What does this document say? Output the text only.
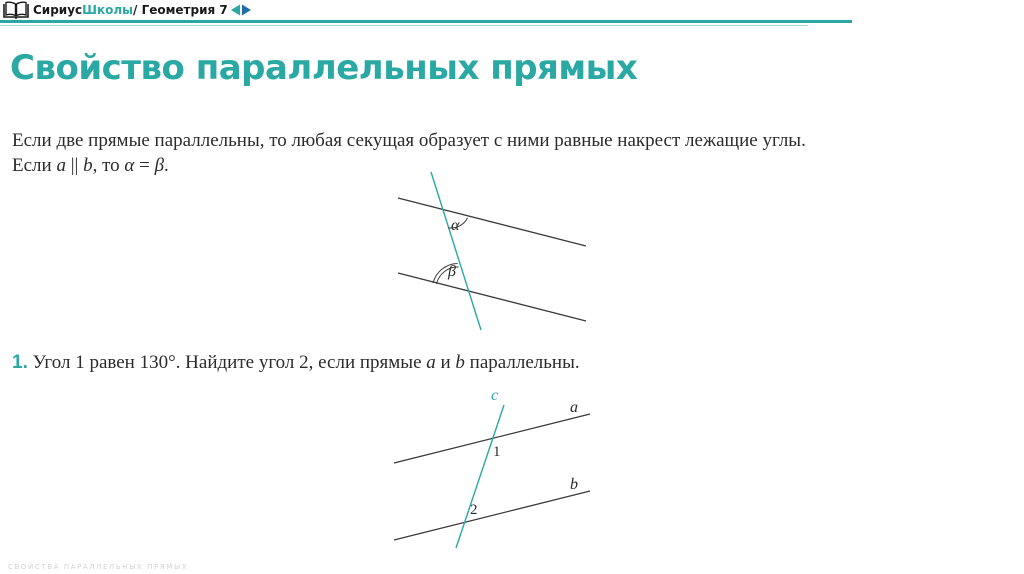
СириусШколы/ Геометрия 7
Свойство параллельных прямых
Если две прямые параллельны, то любая секущая образует с ними равные накрест лежащие углы.
Если a || b, то α = β.
1. Угол 1 равен 130°. Найдите угол 2, если прямые a и b параллельны.
α
β
c
a
b
1
2
СВОЙСТВА ПАРАЛЛЕЛЬНЫХ ПРЯМЫХ
